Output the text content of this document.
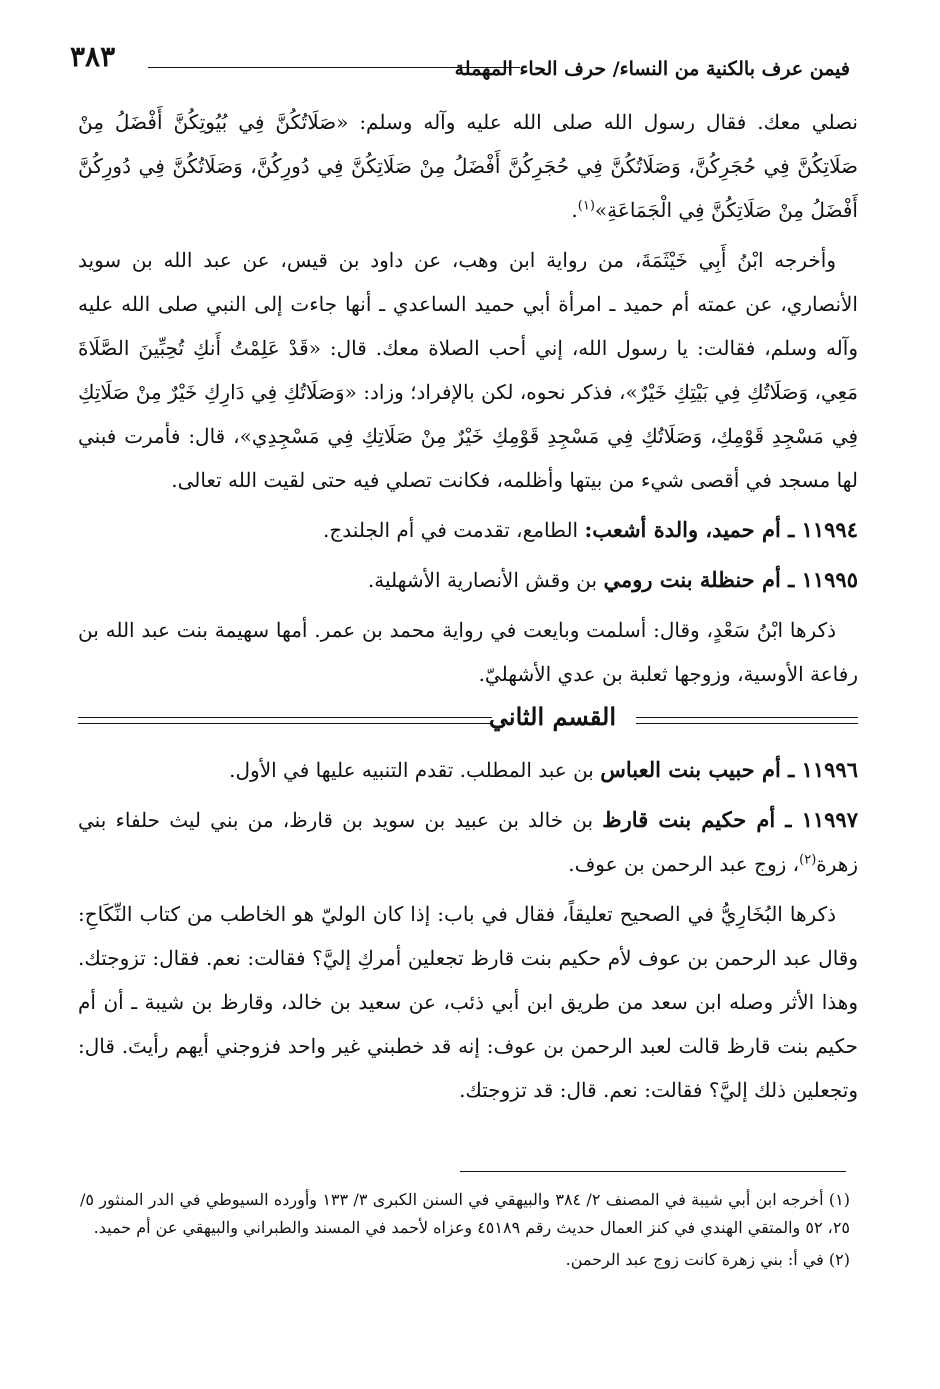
٣٨٣	فيمن عرف بالكنية من النساء/ حرف الحاء المهملة

نصلي معك. فقال رسول الله صلى الله عليه وآله وسلم: «صَلَاتُكُنَّ فِي بُيُوتِكُنَّ أَفْضَلُ مِنْ صَلَاتِكُنَّ فِي حُجَرِكُنَّ، وَصَلَاتُكُنَّ فِي حُجَرِكُنَّ أَفْضَلُ مِنْ صَلَاتِكُنَّ فِي دُورِكُنَّ، وَصَلَاتُكُنَّ فِي دُورِكُنَّ أَفْضَلُ مِنْ صَلَاتِكُنَّ فِي الْجَمَاعَةِ»$^{(١)}$.

وأخرجه ابْنُ أَبِي خَيْثَمَةَ، من رواية ابن وهب، عن داود بن قيس، عن عبد الله بن سويد الأنصاري، عن عمته أم حميد ـ امرأة أبي حميد الساعدي ـ أنها جاءت إلى النبي صلى الله عليه وآله وسلم، فقالت: يا رسول الله، إني أحب الصلاة معك. قال: «قَدْ عَلِمْتُ أَنكِ تُحِبِّينَ الصَّلَاةَ مَعِي، وَصَلَاتُكِ فِي بَيْتِكِ خَيْرٌ»، فذكر نحوه، لكن بالإفراد؛ وزاد: «وَصَلَاتُكِ فِي دَارِكِ خَيْرٌ مِنْ صَلَاتِكِ فِي مَسْجِدِ قَوْمِكِ، وَصَلَاتُكِ فِي مَسْجِدِ قَوْمِكِ خَيْرٌ مِنْ صَلَاتِكِ فِي مَسْجِدِي»، قال: فأمرت فبني لها مسجد في أقصى شيء من بيتها وأظلمه، فكانت تصلي فيه حتى لقيت الله تعالى.

١١٩٩٤ ـ أم حميد، والدة أشعب: الطامع، تقدمت في أم الجلندج.
١١٩٩٥ ـ أم حنظلة بنت رومي بن وقش الأنصارية الأشهلية.

ذكرها ابْنُ سَعْدٍ، وقال: أسلمت وبايعت في رواية محمد بن عمر. أمها سهيمة بنت عبد الله بن رفاعة الأوسية، وزوجها ثعلبة بن عدي الأشهليّ.

القسم الثاني
١١٩٩٦ ـ أم حبيب بنت العباس بن عبد المطلب. تقدم التنبيه عليها في الأول.
١١٩٩٧ ـ أم حكيم بنت قارظ بن خالد بن عبيد بن سويد بن قارظ، من بني ليث حلفاء بني زهرة$^{(٢)}$، زوج عبد الرحمن بن عوف.

ذكرها البُخَارِيُّ في الصحيح تعليقاً، فقال في باب: إذا كان الوليّ هو الخاطب من كتاب النِّكَاحِ: وقال عبد الرحمن بن عوف لأم حكيم بنت قارظ تجعلين أمركِ إليَّ؟ فقالت: نعم. فقال: تزوجتك. وهذا الأثر وصله ابن سعد من طريق ابن أبي ذئب، عن سعيد بن خالد، وقارظ بن شيبة ـ أن أم حكيم بنت قارظ قالت لعبد الرحمن بن عوف: إنه قد خطبني غير واحد فزوجني أيهم رأيتَ. قال: وتجعلين ذلك إليَّ؟ فقالت: نعم. قال: قد تزوجتك.

(١) أخرجه ابن أبي شيبة في المصنف ٢/ ٣٨٤ والبيهقي في السنن الكبرى ٣/ ١٣٣ وأورده السيوطي في الدر المنثور ٥/ ٢٥، ٥٢ والمتقي الهندي في كنز العمال حديث رقم ٤٥١٨٩ وعزاه لأحمد في المسند والطبراني والبيهقي عن أم حميد.
(٢) في أ: بني زهرة كانت زوج عبد الرحمن.
